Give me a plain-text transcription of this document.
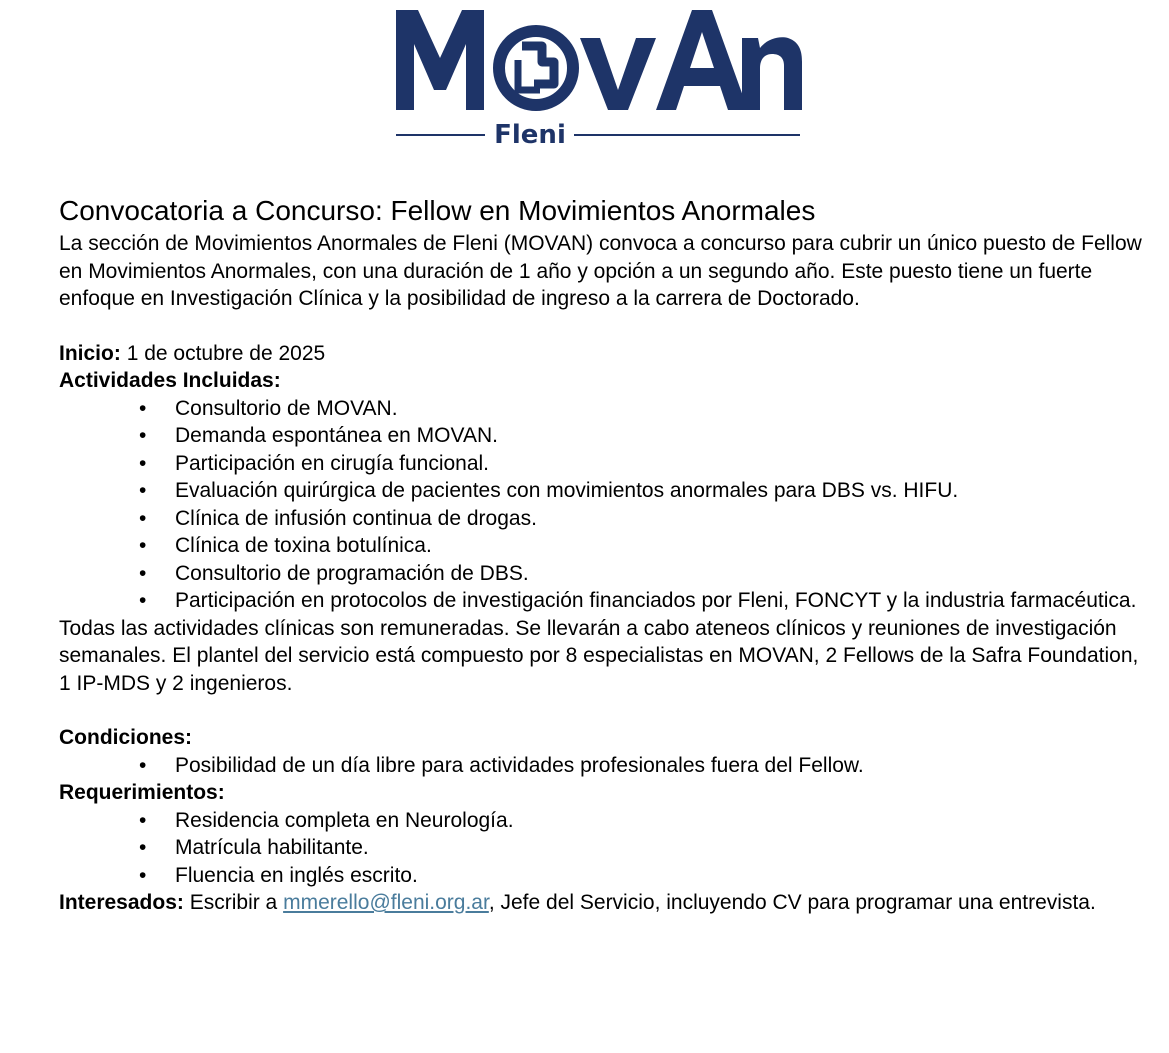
Fleni
Convocatoria a Concurso: Fellow en Movimientos Anormales

La sección de Movimientos Anormales de Fleni (MOVAN) convoca a concurso para cubrir un único puesto de Fellow en Movimientos Anormales, con una duración de 1 año y opción a un segundo año. Este puesto tiene un fuerte enfoque en Investigación Clínica y la posibilidad de ingreso a la carrera de Doctorado.

Inicio: 1 de octubre de 2025

Actividades Incluidas:

• Consultorio de MOVAN.
• Demanda espontánea en MOVAN.
• Participación en cirugía funcional.
• Evaluación quirúrgica de pacientes con movimientos anormales para DBS vs. HIFU.
• Clínica de infusión continua de drogas.
• Clínica de toxina botulínica.
• Consultorio de programación de DBS.
• Participación en protocolos de investigación financiados por Fleni, FONCYT y la industria farmacéutica.

Todas las actividades clínicas son remuneradas. Se llevarán a cabo ateneos clínicos y reuniones de investigación semanales. El plantel del servicio está compuesto por 8 especialistas en MOVAN, 2 Fellows de la Safra Foundation, 1 IP-MDS y 2 ingenieros.

Condiciones:

• Posibilidad de un día libre para actividades profesionales fuera del Fellow.

Requerimientos:

• Residencia completa en Neurología.
• Matrícula habilitante.
• Fluencia en inglés escrito.

Interesados: Escribir a mmerello@fleni.org.ar, Jefe del Servicio, incluyendo CV para programar una entrevista.
